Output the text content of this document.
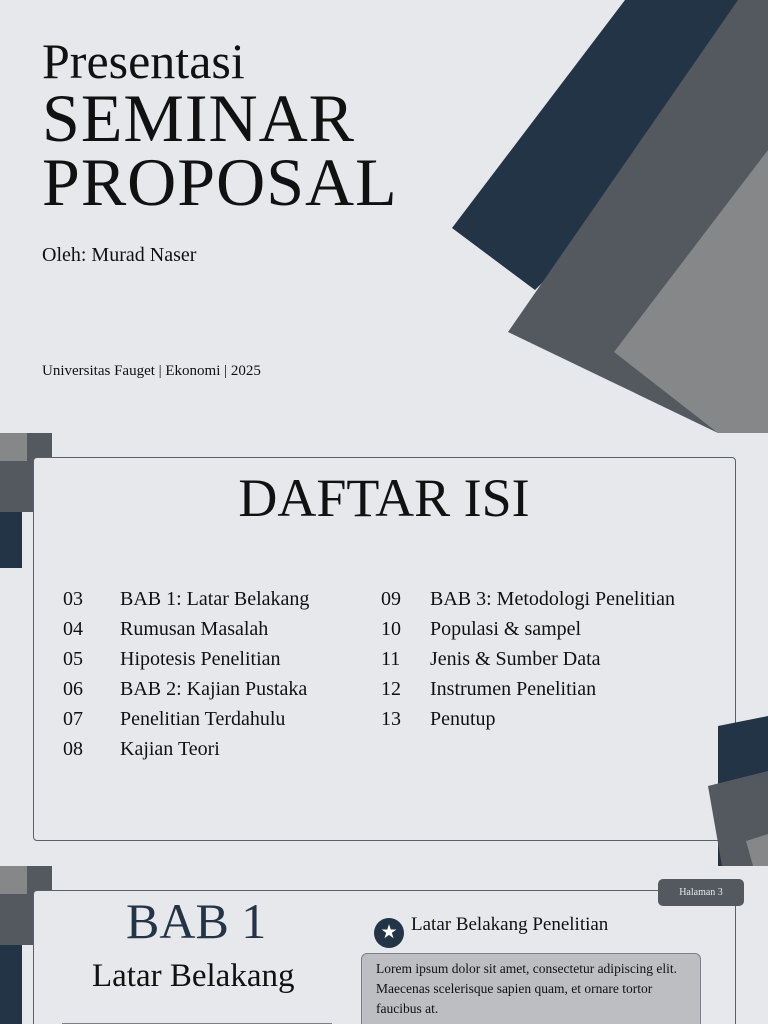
Presentasi
SEMINAR
PROPOSAL
Oleh: Murad Naser
Universitas Fauget | Ekonomi | 2025
DAFTAR ISI
03 BAB 1: Latar Belakang
04 Rumusan Masalah
05 Hipotesis Penelitian
06 BAB 2: Kajian Pustaka
07 Penelitian Terdahulu
08 Kajian Teori
09 BAB 3: Metodologi Penelitian
10 Populasi & sampel
11 Jenis & Sumber Data
12 Instrumen Penelitian
13 Penutup
Halaman 3
BAB 1
Latar Belakang
★ Latar Belakang Penelitian
Lorem ipsum dolor sit amet, consectetur adipiscing elit.
Maecenas scelerisque sapien quam, et ornare tortor
faucibus at.
